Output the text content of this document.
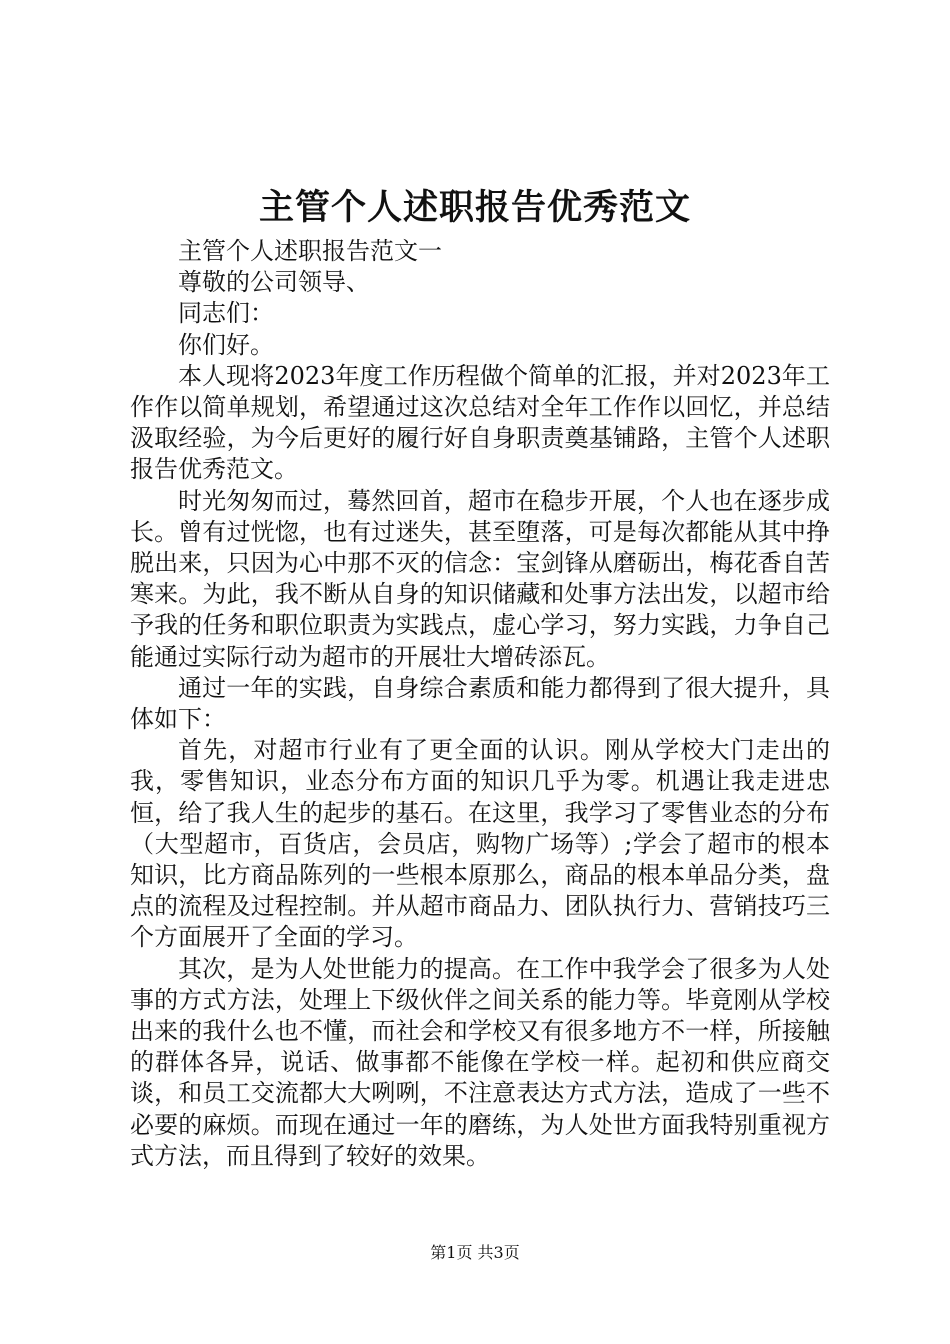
主管个人述职报告优秀范文

主管个人述职报告范文一

尊敬的公司领导、

同志们：

你们好。

本人现将2023年度工作历程做个简单的汇报，并对2023年工作作以简单规划，希望通过这次总结对全年工作作以回忆，并总结汲取经验，为今后更好的履行好自身职责奠基铺路，主管个人述职报告优秀范文。

时光匆匆而过，蓦然回首，超市在稳步开展，个人也在逐步成长。曾有过恍惚，也有过迷失，甚至堕落，可是每次都能从其中挣脱出来，只因为心中那不灭的信念：宝剑锋从磨砺出，梅花香自苦寒来。为此，我不断从自身的知识储藏和处事方法出发，以超市给予我的任务和职位职责为实践点，虚心学习，努力实践，力争自己能通过实际行动为超市的开展壮大增砖添瓦。

通过一年的实践，自身综合素质和能力都得到了很大提升，具体如下：

首先，对超市行业有了更全面的认识。刚从学校大门走出的我，零售知识，业态分布方面的知识几乎为零。机遇让我走进忠恒，给了我人生的起步的基石。在这里，我学习了零售业态的分布（大型超市，百货店，会员店，购物广场等）;学会了超市的根本知识，比方商品陈列的一些根本原那么，商品的根本单品分类，盘点的流程及过程控制。并从超市商品力、团队执行力、营销技巧三个方面展开了全面的学习。

其次，是为人处世能力的提高。在工作中我学会了很多为人处事的方式方法，处理上下级伙伴之间关系的能力等。毕竟刚从学校出来的我什么也不懂，而社会和学校又有很多地方不一样，所接触的群体各异，说话、做事都不能像在学校一样。起初和供应商交谈，和员工交流都大大咧咧，不注意表达方式方法，造成了一些不必要的麻烦。而现在通过一年的磨练，为人处世方面我特别重视方式方法，而且得到了较好的效果。

第1页 共3页
